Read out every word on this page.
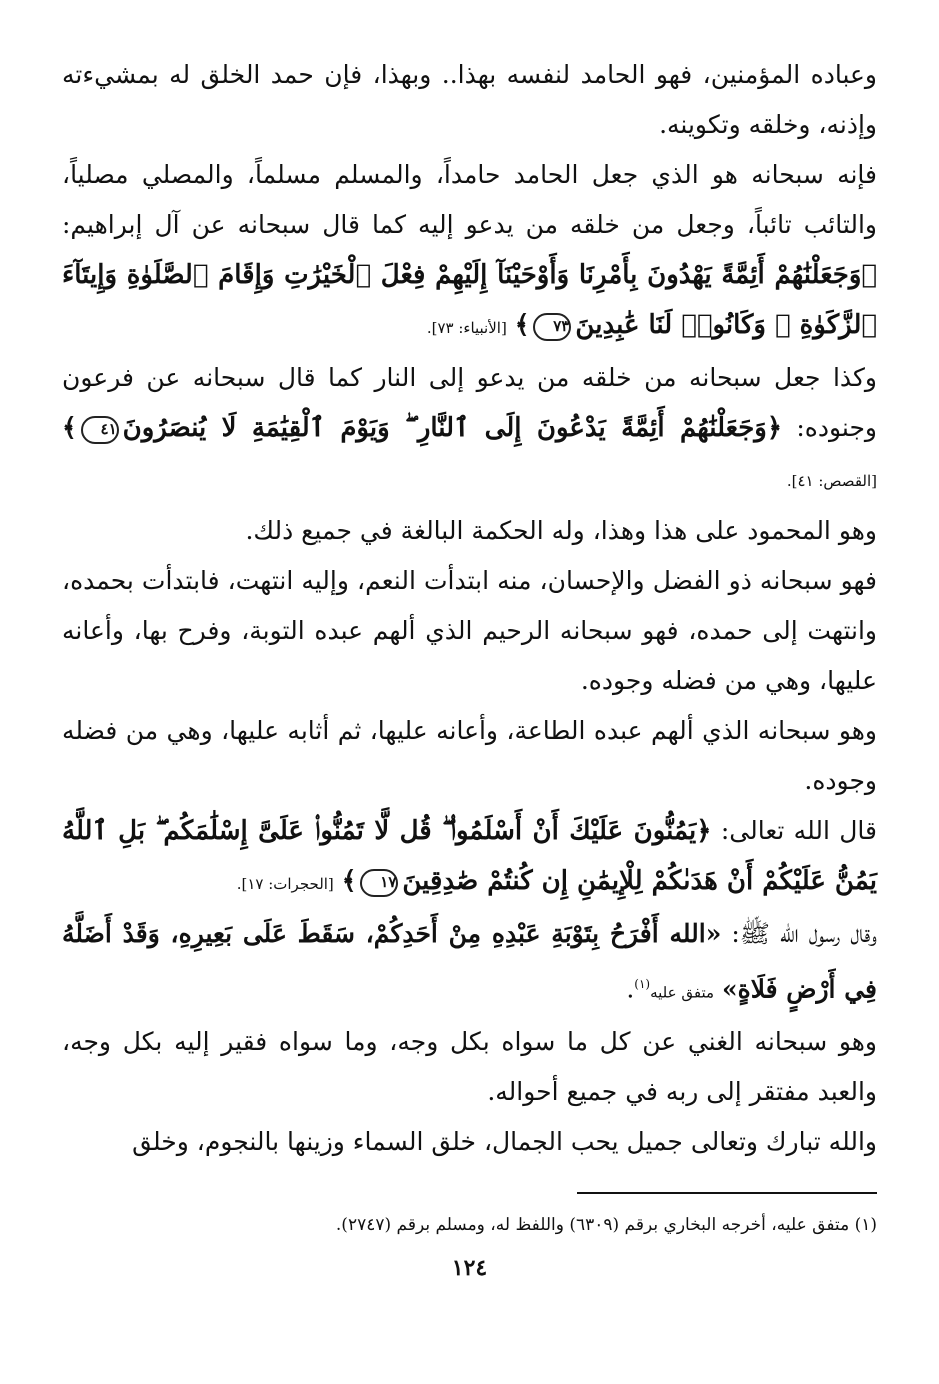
وعباده المؤمنين، فهو الحامد لنفسه بهذا.. وبهذا، فإن حمد الخلق له بمشيءته وإذنه، وخلقه وتكوينه.

فإنه سبحانه هو الذي جعل الحامد حامداً، والمسلم مسلماً، والمصلي مصلياً، والتائب تائباً، وجعل من خلقه من يدعو إليه كما قال سبحانه عن آل إبراهيم: ﴿وَجَعَلْنَٰهُمْ أَئِمَّةً يَهْدُونَ بِأَمْرِنَا وَأَوْحَيْنَآ إِلَيْهِمْ فِعْلَ ٱلْخَيْرَٰتِ وَإِقَامَ ٱلصَّلَوٰةِ وَإِيتَآءَ ٱلزَّكَوٰةِ ۖ وَكَانُوا۟ لَنَا عَٰبِدِينَ٧٣﴾ [الأنبياء: ٧٣].

وكذا جعل سبحانه من خلقه من يدعو إلى النار كما قال سبحانه عن فرعون وجنوده: ﴿وَجَعَلْنَٰهُمْ أَئِمَّةً يَدْعُونَ إِلَى ٱلنَّارِ ۖ وَيَوْمَ ٱلْقِيَٰمَةِ لَا يُنصَرُونَ٤١﴾ [القصص: ٤١].

وهو المحمود على هذا وهذا، وله الحكمة البالغة في جميع ذلك.

فهو سبحانه ذو الفضل والإحسان، منه ابتدأت النعم، وإليه انتهت، فابتدأت بحمده، وانتهت إلى حمده، فهو سبحانه الرحيم الذي ألهم عبده التوبة، وفرح بها، وأعانه عليها، وهي من فضله وجوده.

وهو سبحانه الذي ألهم عبده الطاعة، وأعانه عليها، ثم أثابه عليها، وهي من فضله وجوده.

قال الله تعالى: ﴿يَمُنُّونَ عَلَيْكَ أَنْ أَسْلَمُوا۟ ۖ قُل لَّا تَمُنُّوا۟ عَلَىَّ إِسْلَٰمَكُم ۖ بَلِ ٱللَّهُ يَمُنُّ عَلَيْكُمْ أَنْ هَدَىٰكُمْ لِلْإِيمَٰنِ إِن كُنتُمْ صَٰدِقِينَ١٧﴾ [الحجرات: ١٧].

وقال رسول الله ﷺ: «الله أَفْرَحُ بِتَوْبَةِ عَبْدِهِ مِنْ أَحَدِكُمْ، سَقَطَ عَلَى بَعِيرِهِ، وَقَدْ أَضَلَّهُ فِي أَرْضٍ فَلَاةٍ» متفق عليه$^{(١)}$.

وهو سبحانه الغني عن كل ما سواه بكل وجه، وما سواه فقير إليه بكل وجه، والعبد مفتقر إلى ربه في جميع أحواله.

والله تبارك وتعالى جميل يحب الجمال، خلق السماء وزينها بالنجوم، وخلق

(١) متفق عليه، أخرجه البخاري برقم (٦٣٠٩) واللفظ له، ومسلم برقم (٢٧٤٧).

١٢٤
